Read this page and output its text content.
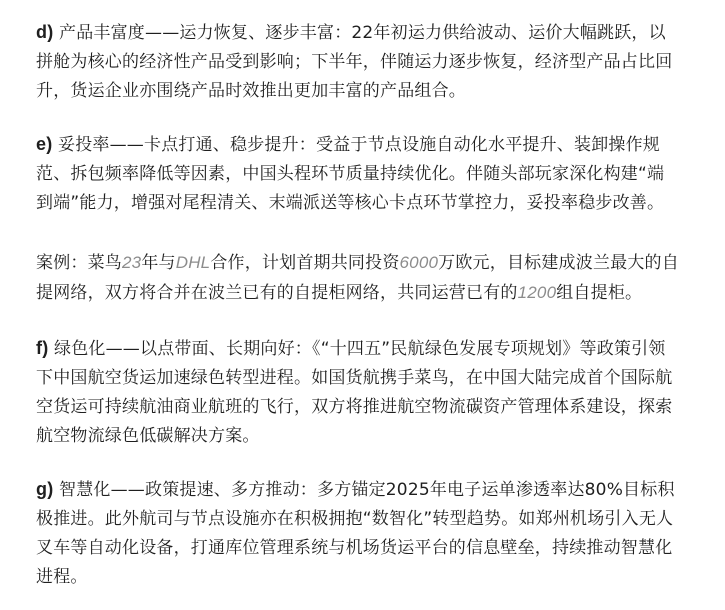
d) 产品丰富度——运力恢复、逐步丰富：22年初运力供给波动、运价大幅跳跃，以拼舱为核心的经济性产品受到影响；下半年，伴随运力逐步恢复，经济型产品占比回升，货运企业亦围绕产品时效推出更加丰富的产品组合。

e) 妥投率——卡点打通、稳步提升：受益于节点设施自动化水平提升、装卸操作规范、拆包频率降低等因素，中国头程环节质量持续优化。伴随头部玩家深化构建“端到端”能力，增强对尾程清关、末端派送等核心卡点环节掌控力，妥投率稳步改善。

案例：菜鸟23年与DHL合作，计划首期共同投资6000万欧元，目标建成波兰最大的自提网络，双方将合并在波兰已有的自提柜网络，共同运营已有的1200组自提柜。

f) 绿色化——以点带面、长期向好：《“十四五”民航绿色发展专项规划》等政策引领下中国航空货运加速绿色转型进程。如国货航携手菜鸟，在中国大陆完成首个国际航空货运可持续航油商业航班的飞行，双方将推进航空物流碳资产管理体系建设，探索航空物流绿色低碳解决方案。

g) 智慧化——政策提速、多方推动：多方锚定2025年电子运单渗透率达80%目标积极推进。此外航司与节点设施亦在积极拥抱“数智化”转型趋势。如郑州机场引入无人叉车等自动化设备，打通库位管理系统与机场货运平台的信息壁垒，持续推动智慧化进程。
